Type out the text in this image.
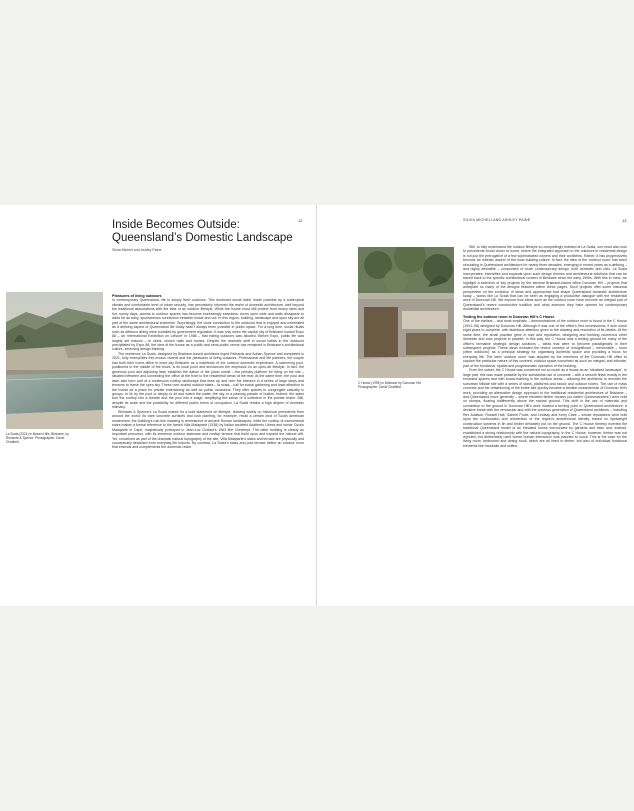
Inside Becomes Outside:
Queensland’s Domestic Landscape

Silvia Micheli and Ashley Paine

12

La Scala (2021) in Bowen Hills, Brisbane, by Richards & Spence. Photographer: David Chatfield.

Pleasures of living outdoors

In contemporary Queensland, life is simply lived outdoors. This dominant social habit, made possible by a subtropical climate and comfortable level of urban security, has pervasively informed the realm of domestic architecture, well beyond the traditional associations with the idea of an outdoor lifestyle. While the house must still protect from heavy rains and hot, sunny days, access to outdoor spaces has become increasingly seamless: doors open wide and walls disappear to allow for an easy, spontaneous connection between inside and out. In this region, building, landscape and open sky are all part of the same architectural ensemble. Surprisingly, the close connection to the outdoors that is enjoyed and celebrated as a defining aspect of Queensland life today hasn’t always been possible in public space. For a long time, social rituals such as alfresco dining were curtailed by government regulation. It was only when the capital city of Brisbane hosted Expo 88 – an ‘international Exhibition on Leisure’ in 1988 – that eating outdoors was allowed. Before Expo, public life was largely set indoors – in clubs, church halls and homes. Despite the dramatic shift in social habits in the outdoors precipitated by Expo 88, the idea of the house as a public and semi-public venue has remained in Brisbane’s architectural culture, informing design thinking.

The residence La Scala, designed by Brisbane-based architects Ingrid Richards and Adrian Spence and completed in 2021, fully exemplifies this modus vivendi and the pleasures of living outdoors. Professional and life partners, the couple has built their home-office in inner-city Brisbane as a manifesto of the outdoor domestic experience. A swimming pool, positioned in the middle of the block, is its focal point and announces the emphasis on an open-air lifestyle. In fact, the generous pool and adjoining lawn establish the datum of the plano nobile – the primary platform for living on the site – situated between and connecting the office at the front to the residential areas at the rear. At the same time, the pool and lawn also form part of a continuous rooftop landscape that rises up and over the interiors in a series of large steps and terraces to frame the open sky. These over-scaled outdoor stairs – la scala – call for social gathering and draw attention to the house as a place for private entertaining as well as public occasions. They offer spaces to congregate casually in groups, to lie by the pool or simply to sit and watch the water, the sky or a passing parade of bodies. Indeed, the stairs turn the rooftop into a theatre and the pool into a stage, amplifying the sense of a collective in the private realm. Still, despite its scale and the possibility for different public forms of occupation, La Scala retains a high degree of domestic intimacy.

Richards & Spence’s La Scala makes for a bold statement on lifestyle, drawing widely on historical precedents from around the world: its bare concrete surfaces and lush planting, for example, recall a certain kind of South American modernism; the building’s ruin-like massing is reminiscent of ancient Roman landscapes; while the rooftop of monumental stairs makes a formal reference to the famed Villa Malaparte (1938) by Italian architect Adalberto Libera and owner Curzio Malaparte in Capri, majestically portrayed in Jean-Luc Godard’s 1963 film Contempt. The latter building is clearly an important precursor, with its immense outdoor staircase and rooftop terrace that build upon and expand the natural cliff. Yet, conceived as part of the dramatic natural topography of the site, Villa Malaparte’s stairs and terrace are physically and conceptually detached from everyday life indoors. By contrast, La Scala’s stairs and pool terrace define an outdoor room that extends and complements the domestic realm.

SILVIA MICHELI AND ASHLEY PAINE	13

C House (1995) in Brisbane by Donovan Hill. Photographer: David Chatfield.

Still, to fully understand the outdoor lifestyle so compellingly realised at La Scala, one must also look to precedents found closer to home, where the integrated approach to the outdoors in residential design is not just the prerogative of a few sophisticated owners and their architects. Rather, it has progressively become an intrinsic aspect of the local building culture. In fact, the idea of the ‘outdoor room’ has been circulating in Queensland architecture for nearly three decades, emerging in recent years as a defining – and highly desirable – component of much contemporary design, both domestic and civic. La Scala incorporates, intensifies and expands upon such design themes and architectural solutions that can be traced back to the specific architectural context of Brisbane since the early 1990s. With this in mind, we highlight a selection of key projects by the seminal Brisbane-based office Donovan Hill – projects that anticipate so many of the designs featured within these pages. Such projects offer some historical perspective on the evolution of ideas and approaches that shape Queensland domestic architecture today – works like La Scala that can be seen as engaging a productive dialogue with the residential work of Donovan Hill. We explore how ideas such as the outdoor room have become an integral part of Queensland’s recent constructive tradition and what avenues they have opened for contemporary residential architecture.

Testing the outdoor room in Donovan Hill’s C House

One of the earliest – and most emphatic – demonstrations of the outdoor room is found in the C House (1991–98) designed by Donovan Hill. Although it was one of the office’s first commissions, it took some eight years to complete, with fastidious attention given to the drawing and resolution of its details. At the same time, the small practice grew in size and reputation, designing and building numerous other domestic and civic projects in parallel. In this way, the C House was a testing ground for many of the office’s formative strategic design solutions – ideas that were to become paradigmatic in their subsequent projects. These ideas included the recent concept of ‘exsignificant – memorable – room (often outdoors)’ as a principal strategy for organising domestic space and providing a focus for everyday life. The label ‘outdoor room’ was adopted by the members of the Donovan Hill office to capture the particular nature of this covered, outdoor space conceived as such an integral, and intimate, part of the functional, spatial and programmatic operation of the building.

From the outset, the C House was conceived not so much as a house as an ‘idealised landscape’. In large part, this was made possible by the substantial use of concrete – with a smooth finish mostly in the enclosed spaces and with board-marking in the outdoor areas – allowing the architects to remodel the suburban hillside site with a series of stairs, platforms and indoor and outdoor rooms. The use of mass concrete and the refashioning of the entire site quickly became a familiar characteristic of Donovan Hill’s work, providing an alternative design approach to the traditional residential architecture of Brisbane – and Queensland more generally – where elevated timber houses (so-called ‘Queenslanders’) were built on stumps, floating indifferently above the natural ground. This shift in the use of materials and connection to the ground in Donovan Hill’s work marked a turning point in Queensland architecture: a decisive break with the vernacular and with the previous generation of Queensland architects – including Rex Addison, Russell Hall, Gabriel Poole, and Lindsay and Kerry Clare – whose reputations were built upon the continuation and reinvention of the region’s architectural identity, based on lightweight construction systems in tin and timber delicately put on the ground. The C House thereby inverted the traditional Queensland model of an elevated house surrounded by gardens and lawn and, instead, established a strong relationship with the natural topography. In the C House, however, timber was not rejected, but deliberately used where human interaction was planned to occur. This is the case for the living room, bedrooms and dining nook, which are all lined in timber, but also of individual functional elements like handrails and coffins.
